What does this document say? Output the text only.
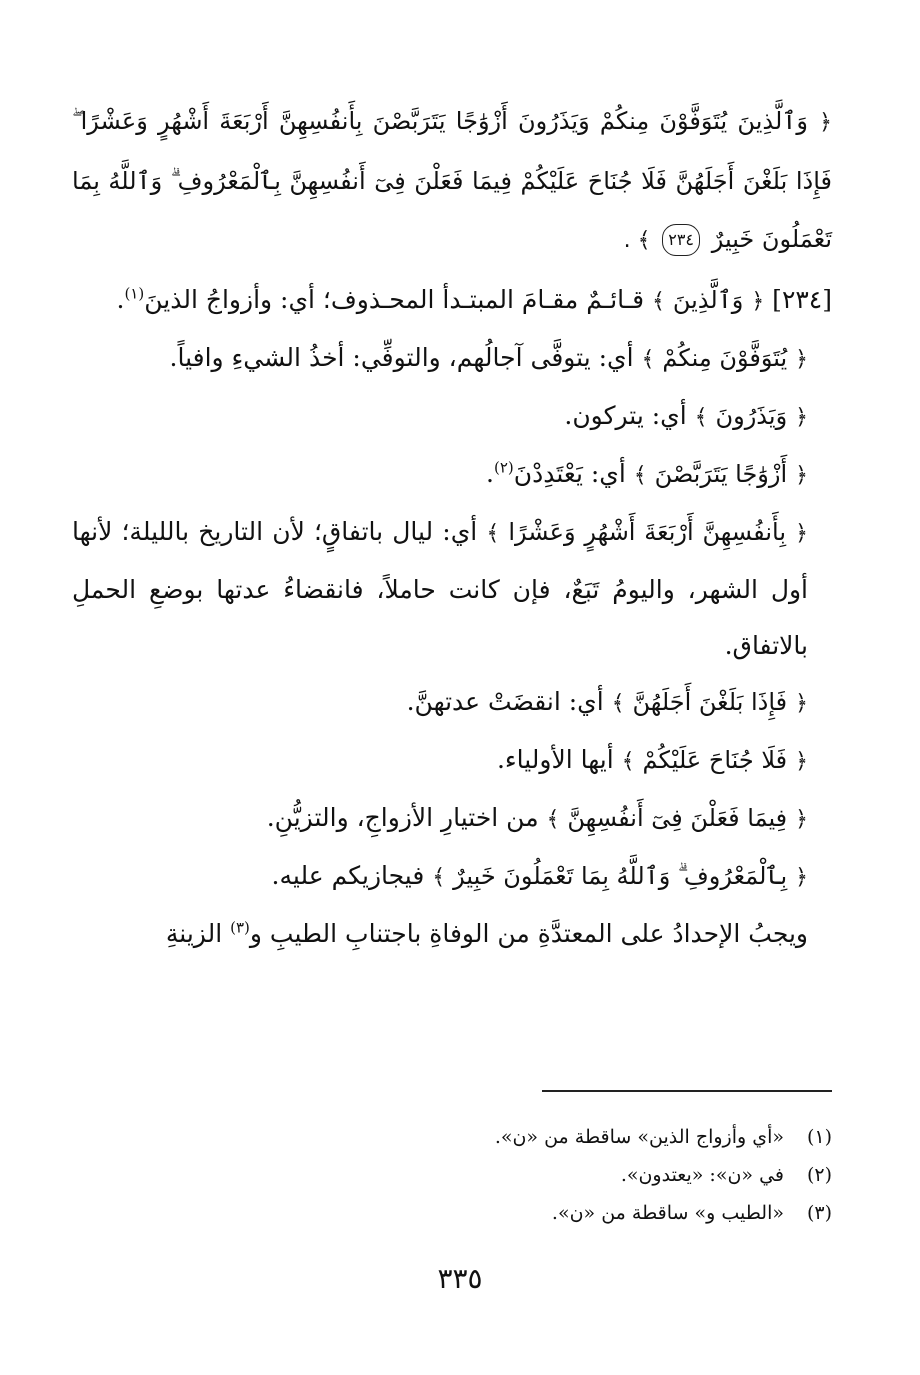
﴿ وَٱلَّذِينَ يُتَوَفَّوْنَ مِنكُمْ وَيَذَرُونَ أَزْوَٰجًا يَتَرَبَّصْنَ بِأَنفُسِهِنَّ أَرْبَعَةَ أَشْهُرٍ وَعَشْرًا ۖ فَإِذَا بَلَغْنَ أَجَلَهُنَّ فَلَا جُنَاحَ عَلَيْكُمْ فِيمَا فَعَلْنَ فِىٓ أَنفُسِهِنَّ بِٱلْمَعْرُوفِ ۗ وَٱللَّهُ بِمَا تَعْمَلُونَ خَبِيرٌ ٢٣٤ ﴾ .

[٢٣٤] ﴿ وَٱلَّذِينَ ﴾ قـائـمٌ مقـامَ المبتـدأ المحـذوف؛ أي: وأزواجُ الذينَ$^{(١)}$.

﴿ يُتَوَفَّوْنَ مِنكُمْ ﴾ أي: يتوفَّى آجالُهم، والتوفِّي: أخذُ الشيءِ وافياً.

﴿ وَيَذَرُونَ ﴾ أي: يتركون.

﴿ أَزْوَٰجًا يَتَرَبَّصْنَ ﴾ أي: يَعْتَدِدْنَ$^{(٢)}$.

﴿ بِأَنفُسِهِنَّ أَرْبَعَةَ أَشْهُرٍ وَعَشْرًا ﴾ أي: ليال باتفاقٍ؛ لأن التاريخ بالليلة؛ لأنها أول الشهر، واليومُ تَبَعٌ، فإن كانت حاملاً، فانقضاءُ عدتها بوضعِ الحملِ بالاتفاق.

﴿ فَإِذَا بَلَغْنَ أَجَلَهُنَّ ﴾ أي: انقضَتْ عدتهنَّ.

﴿ فَلَا جُنَاحَ عَلَيْكُمْ ﴾ أيها الأولياء.

﴿ فِيمَا فَعَلْنَ فِىٓ أَنفُسِهِنَّ ﴾ من اختيارِ الأزواجِ، والتزيُّنِ.

﴿ بِٱلْمَعْرُوفِ ۗ وَٱللَّهُ بِمَا تَعْمَلُونَ خَبِيرٌ ﴾ فيجازيكم عليه.

ويجبُ الإحدادُ على المعتدَّةِ من الوفاةِ باجتنابِ الطيبِ و$^{(٣)}$ الزينةِ

(١)«أي وأزواج الذين» ساقطة من «ن».

(٢)في «ن»: «يعتدون».

(٣)«الطيب و» ساقطة من «ن».

٣٣٥
